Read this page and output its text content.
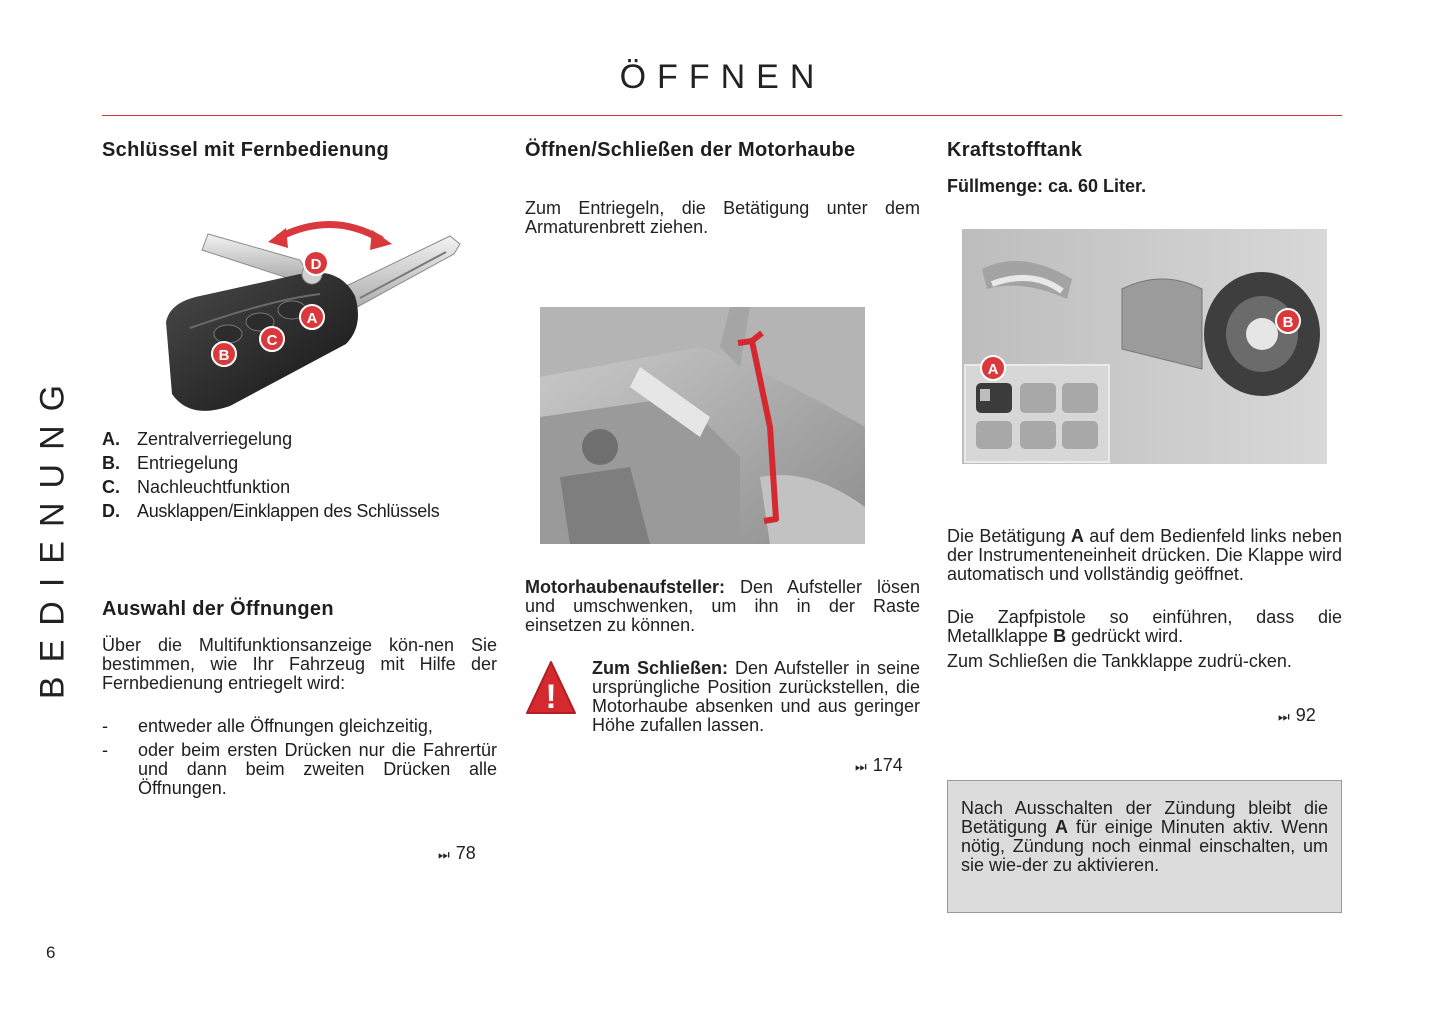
ÖFFNEN
BEDIENUNG
6
Schlüssel mit Fernbedienung
D
A
C
B
A. Zentralverriegelung
B. Entriegelung
C. Nachleuchtfunktion
D. Ausklappen/Einklappen des Schlüssels
Auswahl der Öffnungen
Über die Multifunktionsanzeige kön-nen Sie bestimmen, wie Ihr Fahrzeug mit Hilfe der Fernbedienung entriegelt wird:
- entweder alle Öffnungen gleichzeitig,
- oder beim ersten Drücken nur die Fahrertür und dann beim zweiten Drücken alle Öffnungen.
⏭ 78
Öffnen/Schließen der Motorhaube
Zum Entriegeln, die Betätigung unter dem Armaturenbrett ziehen.
Motorhaubenaufsteller: Den Aufsteller lösen und umschwenken, um ihn in der Raste einsetzen zu können.
!
Zum Schließen: Den Aufsteller in seine ursprüngliche Position zurückstellen, die Motorhaube absenken und aus geringer Höhe zufallen lassen.
⏭ 174
Kraftstofftank
Füllmenge: ca. 60 Liter.
A
B
Die Betätigung A auf dem Bedienfeld links neben der Instrumenteneinheit drücken. Die Klappe wird automatisch und vollständig geöffnet.
Die Zapfpistole so einführen, dass die Metallklappe B gedrückt wird.
Zum Schließen die Tankklappe zudrü-cken.
⏭ 92
Nach Ausschalten der Zündung bleibt die Betätigung A für einige Minuten aktiv. Wenn nötig, Zündung noch einmal einschalten, um sie wie-der zu aktivieren.
